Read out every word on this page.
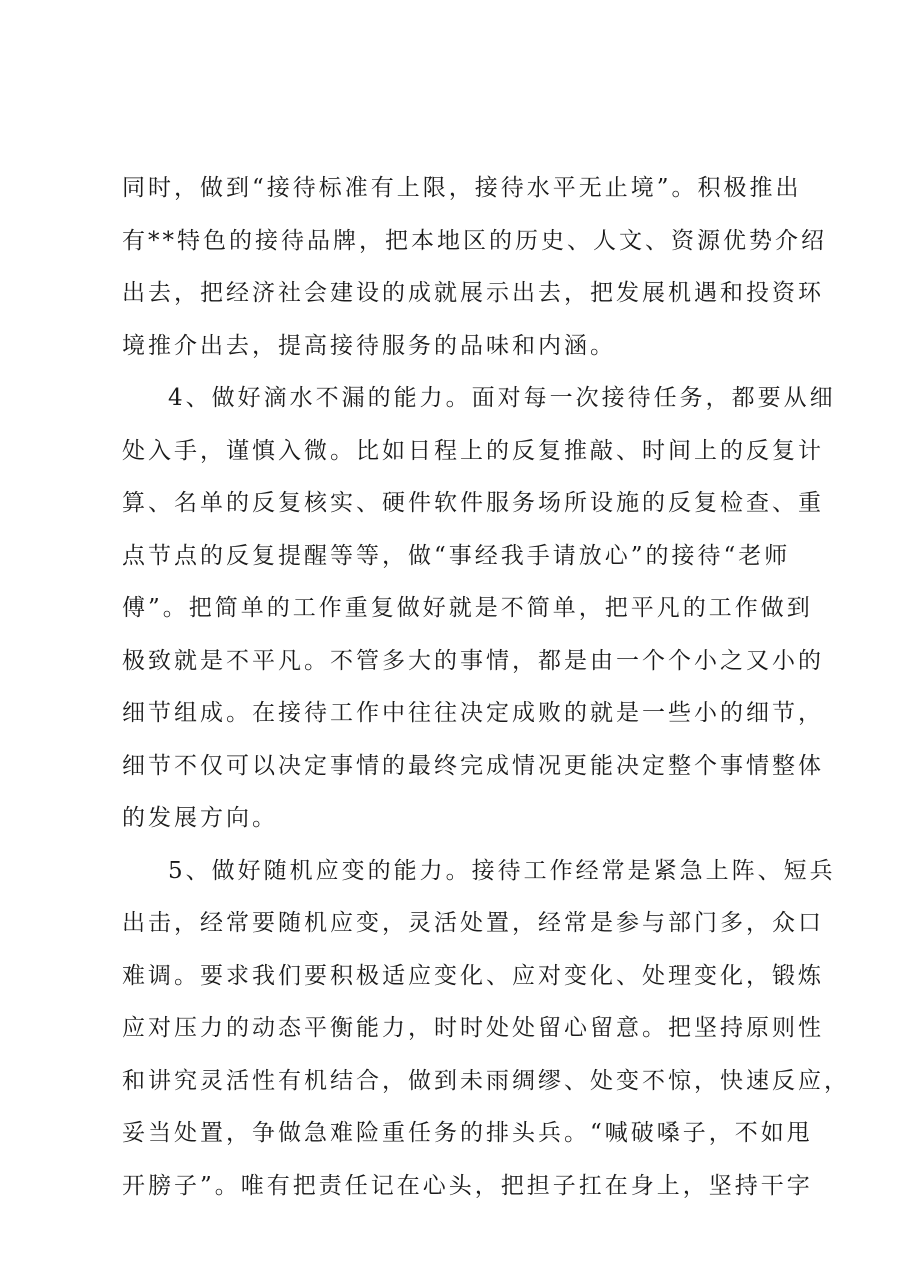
同时，做到“接待标准有上限，接待水平无止境”。积极推出
有**特色的接待品牌，把本地区的历史、人文、资源优势介绍
出去，把经济社会建设的成就展示出去，把发展机遇和投资环
境推介出去，提高接待服务的品味和内涵。
4、做好滴水不漏的能力。面对每一次接待任务，都要从细
处入手，谨慎入微。比如日程上的反复推敲、时间上的反复计
算、名单的反复核实、硬件软件服务场所设施的反复检查、重
点节点的反复提醒等等，做“事经我手请放心”的接待“老师
傅”。把简单的工作重复做好就是不简单，把平凡的工作做到
极致就是不平凡。不管多大的事情，都是由一个个小之又小的
细节组成。在接待工作中往往决定成败的就是一些小的细节，
细节不仅可以决定事情的最终完成情况更能决定整个事情整体
的发展方向。
5、做好随机应变的能力。接待工作经常是紧急上阵、短兵
出击，经常要随机应变，灵活处置，经常是参与部门多，众口
难调。要求我们要积极适应变化、应对变化、处理变化，锻炼
应对压力的动态平衡能力，时时处处留心留意。把坚持原则性
和讲究灵活性有机结合，做到未雨绸缪、处变不惊，快速反应，
妥当处置，争做急难险重任务的排头兵。“喊破嗓子，不如甩
开膀子”。唯有把责任记在心头，把担子扛在身上，坚持干字
